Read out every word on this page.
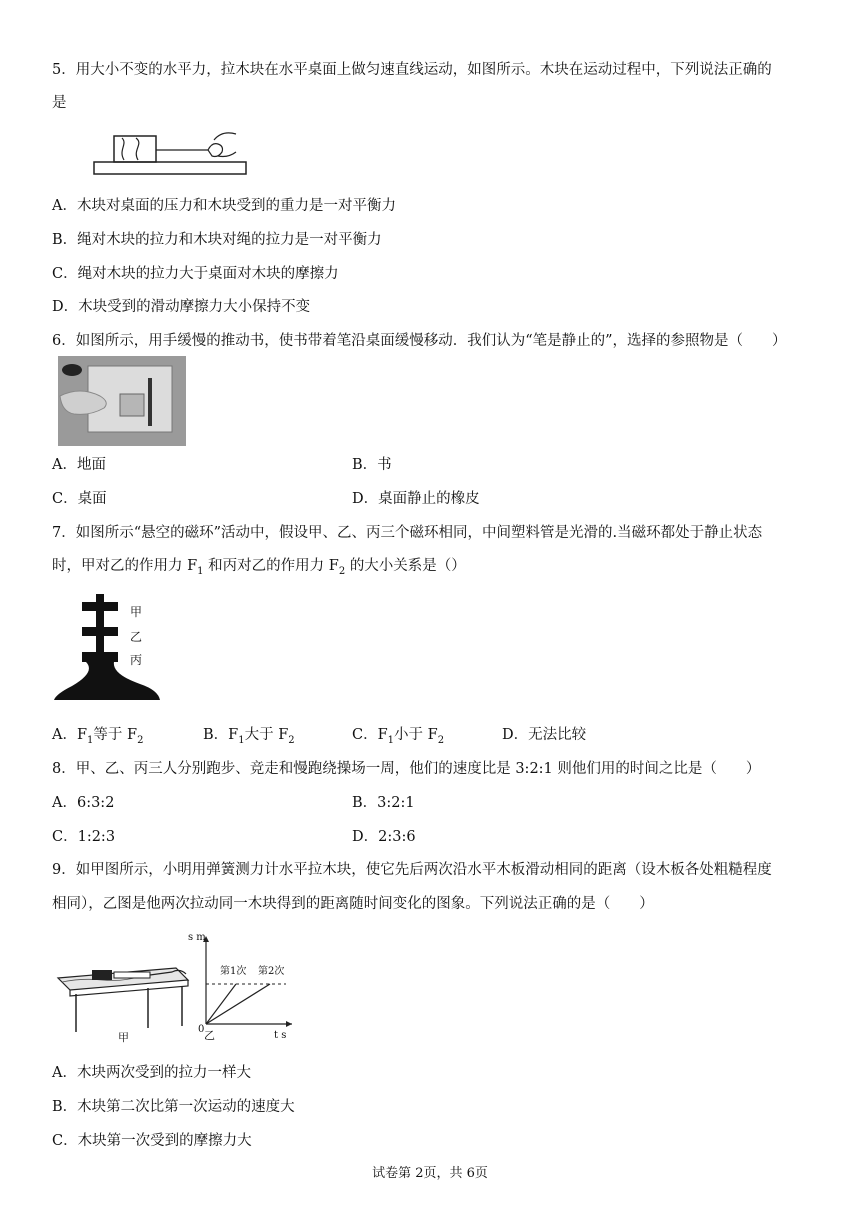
5．用大小不变的水平力，拉木块在水平桌面上做匀速直线运动，如图所示。木块在运动过程中，下列说法正确的
是
A．木块对桌面的压力和木块受到的重力是一对平衡力
B．绳对木块的拉力和木块对绳的拉力是一对平衡力
C．绳对木块的拉力大于桌面对木块的摩擦力
D．木块受到的滑动摩擦力大小保持不变
6．如图所示，用手缓慢的推动书，使书带着笔沿桌面缓慢移动．我们认为“笔是静止的”，选择的参照物是（　　）
A．地面	B．书
C．桌面	D．桌面静止的橡皮
7．如图所示“悬空的磁环”活动中，假设甲、乙、丙三个磁环相同，中间塑料管是光滑的.当磁环都处于静止状态
时，甲对乙的作用力 $F_1$ 和丙对乙的作用力 $F_2$ 的大小关系是（）
甲
乙
丙
A．$F_1$等于 $F_2$	B．$F_1$大于 $F_2$	C．$F_1$小于 $F_2$	D．无法比较
8．甲、乙、丙三人分别跑步、竞走和慢跑绕操场一周，他们的速度比是 3:2:1 则他们用的时间之比是（　　）
A．6:3:2	B．3:2:1
C．1:2:3	D．2:3:6
9．如甲图所示，小明用弹簧测力计水平拉木块，使它先后两次沿水平木板滑动相同的距离（设木板各处粗糙程度
相同），乙图是他两次拉动同一木块得到的距离随时间变化的图象。下列说法正确的是（　　）
s m
第1次 第2次
0
t s
乙
甲
A．木块两次受到的拉力一样大
B．木块第二次比第一次运动的速度大
C．木块第一次受到的摩擦力大
试卷第 2页，共 6页
